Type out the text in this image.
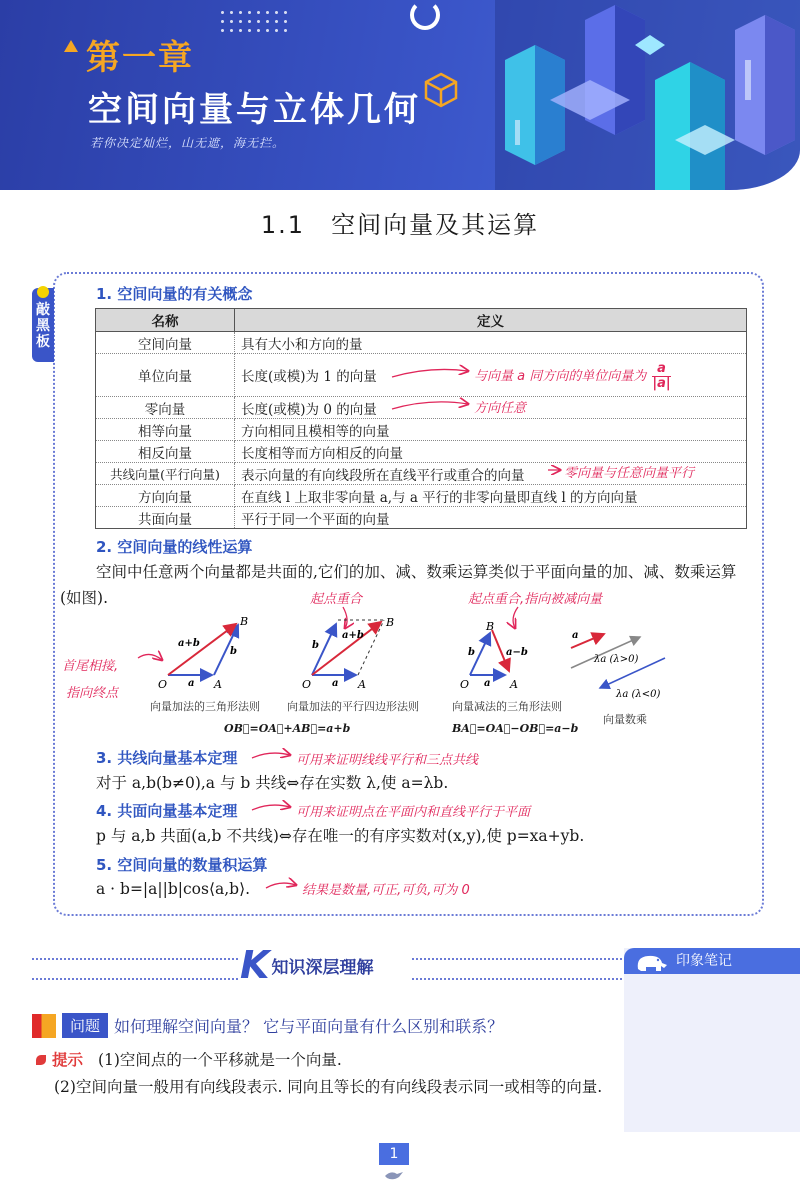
第一章
空间向量与立体几何
若你决定灿烂，山无遮，海无拦。
1.1　空间向量及其运算
敲黑板
1. 空间向量的有关概念
名称	定义
空间向量	具有大小和方向的量
单位向量	长度(或模)为 1 的向量
零向量	长度(或模)为 0 的向量
相等向量	方向相同且模相等的向量
相反向量	长度相等而方向相反的向量
共线向量(平行向量)	表示向量的有向线段所在直线平行或重合的向量
方向向量	在直线 l 上取非零向量 a,与 a 平行的非零向量即直线 l 的方向向量
共面向量	平行于同一个平面的向量
与向量 a 同方向的单位向量为 $\frac{a}{|a|}$
方向任意
零向量与任意向量平行
2. 空间向量的线性运算
空间中任意两个向量都是共面的,它们的加、减、数乘运算类似于平面向量的加、减、数乘运算(如图).	起点重合	起点重合,指向被减向量
首尾相接,
指向终点
O	A
B
a
b
a+b
O	A
B
a
b
a+b
O	A
B
a
b	a−b
a
λa (λ>0)
λa (λ<0)
向量加法的三角形法则	向量加法的平行四边形法则	向量减法的三角形法则
向量数乘
OB⃗=OA⃗+AB⃗=a+b	BA⃗=OA⃗−OB⃗=a−b
3. 共线向量基本定理	可用来证明线线平行和三点共线
对于 a,b(b≠0),a 与 b 共线⇔存在实数 λ,使 a=λb.
4. 共面向量基本定理	可用来证明点在平面内和直线平行于平面
p 与 a,b 共面(a,b 不共线)⇔存在唯一的有序实数对(x,y),使 p=xa+yb.
5. 空间向量的数量积运算
a · b=|a||b|cos⟨a,b⟩.	结果是数量,可正,可负,可为 0
K 知识深层理解	印象笔记
问题 如何理解空间向量？ 它与平面向量有什么区别和联系？
提示 (1)空间点的一个平移就是一个向量.
(2)空间向量一般用有向线段表示. 同向且等长的有向线段表示同一或相等的向量.
1
